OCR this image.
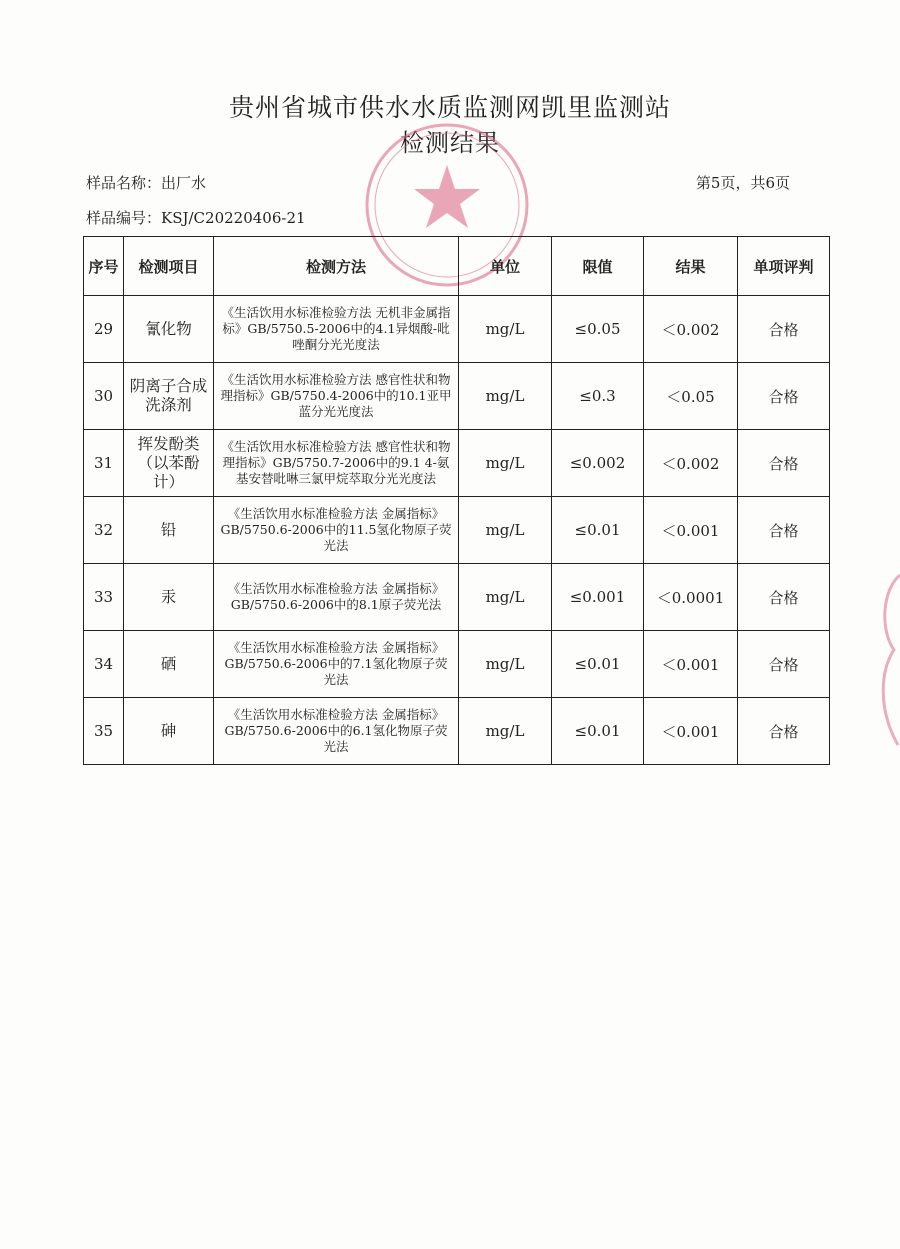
贵州省城市供水水质监测网凯里监测站
检测结果
样品名称：出厂水	第5页，共6页
样品编号：KSJ/C20220406-21
序号	检测项目	检测方法	单位	限值	结果	单项评判
29	氰化物	《生活饮用水标准检验方法 无机非金属指标》GB/5750.5-2006中的4.1异烟酸-吡唑酮分光光度法	mg/L	≤0.05	＜0.002	合格
30	阴离子合成洗涤剂	《生活饮用水标准检验方法 感官性状和物理指标》GB/5750.4-2006中的10.1亚甲蓝分光光度法	mg/L	≤0.3	＜0.05	合格
31	挥发酚类（以苯酚计）	《生活饮用水标准检验方法 感官性状和物理指标》GB/5750.7-2006中的9.1 4-氨基安替吡啉三氯甲烷萃取分光光度法	mg/L	≤0.002	＜0.002	合格
32	铅	《生活饮用水标准检验方法 金属指标》GB/5750.6-2006中的11.5氢化物原子荧光法	mg/L	≤0.01	＜0.001	合格
33	汞	《生活饮用水标准检验方法 金属指标》GB/5750.6-2006中的8.1原子荧光法	mg/L	≤0.001	＜0.0001	合格
34	硒	《生活饮用水标准检验方法 金属指标》GB/5750.6-2006中的7.1氢化物原子荧光法	mg/L	≤0.01	＜0.001	合格
35	砷	《生活饮用水标准检验方法 金属指标》GB/5750.6-2006中的6.1氢化物原子荧光法	mg/L	≤0.01	＜0.001	合格
